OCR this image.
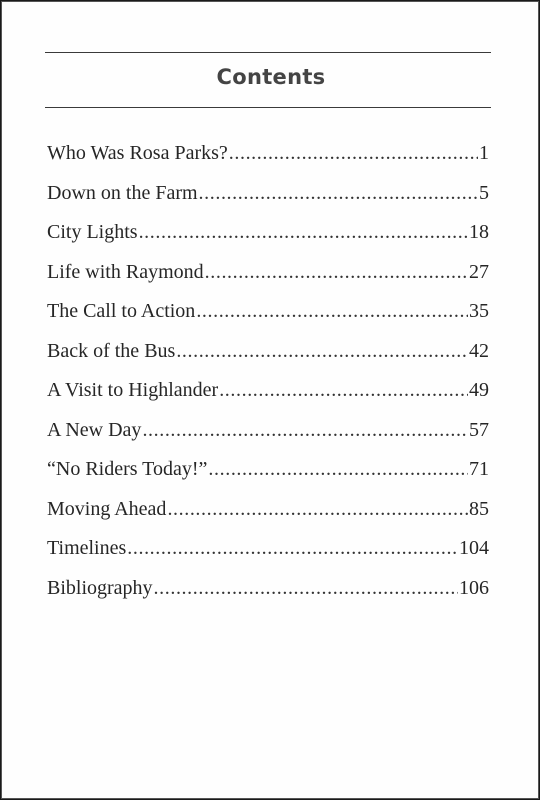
Contents
Who Was Rosa Parks? .....	1
Down on the Farm .....	5
City Lights .....	18
Life with Raymond .....	27
The Call to Action .....	35
Back of the Bus .....	42
A Visit to Highlander .....	49
A New Day .....	57
“No Riders Today!” .....	71
Moving Ahead .....	85
Timelines .....	104
Bibliography .....	106
